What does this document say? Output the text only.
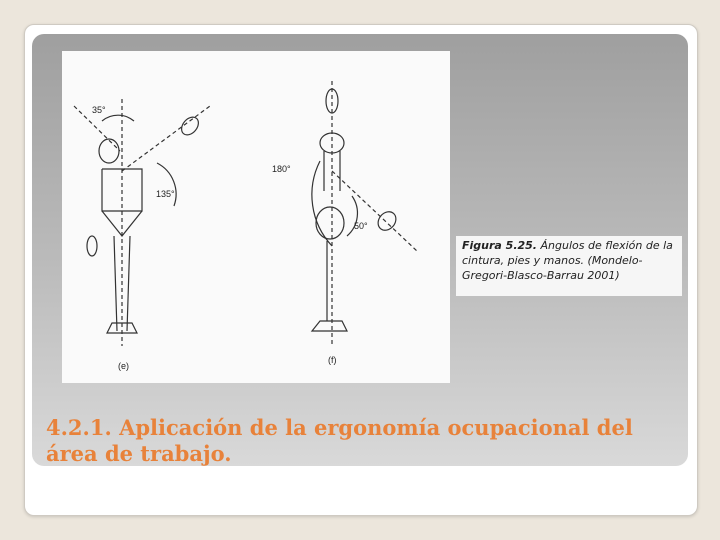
35°
135°
180°
50°
(e)
(f)
Figura 5.25. Ángulos de flexión de la cintura, pies y manos. (Mondelo-Gregori-Blasco-Barrau 2001)
4.2.1. Aplicación de la ergonomía ocupacional del área de trabajo.
